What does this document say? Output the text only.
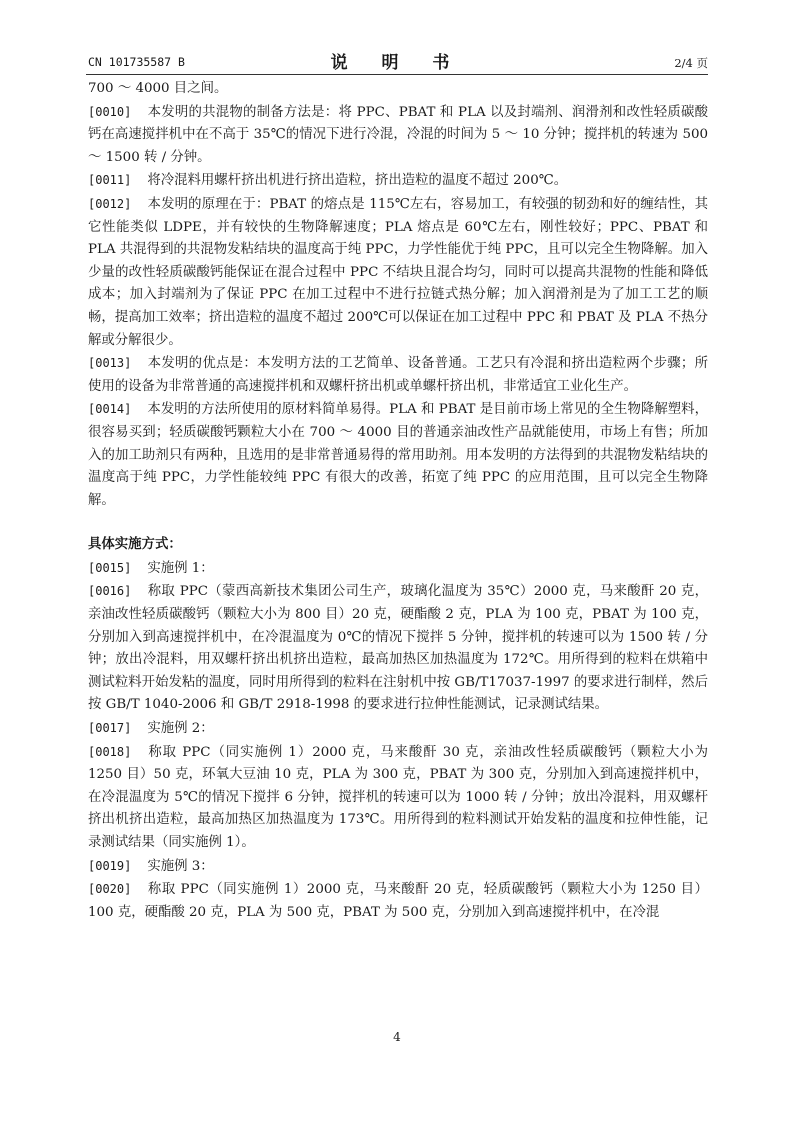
CN 101735587 B	说 明 书	2/4 页

700 ～ 4000 目之间。

[0010] 本发明的共混物的制备方法是：将 PPC、PBAT 和 PLA 以及封端剂、润滑剂和改性轻质碳酸钙在高速搅拌机中在不高于 35℃的情况下进行冷混，冷混的时间为 5 ～ 10 分钟；搅拌机的转速为 500 ～ 1500 转 / 分钟。

[0011] 将冷混料用螺杆挤出机进行挤出造粒，挤出造粒的温度不超过 200℃。

[0012] 本发明的原理在于：PBAT 的熔点是 115℃左右，容易加工，有较强的韧劲和好的缠结性，其它性能类似 LDPE，并有较快的生物降解速度；PLA 熔点是 60℃左右，刚性较好；PPC、PBAT 和 PLA 共混得到的共混物发粘结块的温度高于纯 PPC，力学性能优于纯 PPC，且可以完全生物降解。加入少量的改性轻质碳酸钙能保证在混合过程中 PPC 不结块且混合均匀，同时可以提高共混物的性能和降低成本；加入封端剂为了保证 PPC 在加工过程中不进行拉链式热分解；加入润滑剂是为了加工工艺的顺畅，提高加工效率；挤出造粒的温度不超过 200℃可以保证在加工过程中 PPC 和 PBAT 及 PLA 不热分解或分解很少。

[0013] 本发明的优点是：本发明方法的工艺简单、设备普通。工艺只有冷混和挤出造粒两个步骤；所使用的设备为非常普通的高速搅拌机和双螺杆挤出机或单螺杆挤出机，非常适宜工业化生产。

[0014] 本发明的方法所使用的原材料简单易得。PLA 和 PBAT 是目前市场上常见的全生物降解塑料，很容易买到；轻质碳酸钙颗粒大小在 700 ～ 4000 目的普通亲油改性产品就能使用，市场上有售；所加入的加工助剂只有两种，且选用的是非常普通易得的常用助剂。用本发明的方法得到的共混物发粘结块的温度高于纯 PPC，力学性能较纯 PPC 有很大的改善，拓宽了纯 PPC 的应用范围，且可以完全生物降解。

具体实施方式：

[0015] 实施例 1：

[0016] 称取 PPC（蒙西高新技术集团公司生产，玻璃化温度为 35℃）2000 克，马来酸酐 20 克，亲油改性轻质碳酸钙（颗粒大小为 800 目）20 克，硬酯酸 2 克，PLA 为 100 克，PBAT 为 100 克，分别加入到高速搅拌机中，在冷混温度为 0℃的情况下搅拌 5 分钟，搅拌机的转速可以为 1500 转 / 分钟；放出冷混料，用双螺杆挤出机挤出造粒，最高加热区加热温度为 172℃。用所得到的粒料在烘箱中测试粒料开始发粘的温度，同时用所得到的粒料在注射机中按 GB/T17037-1997 的要求进行制样，然后按 GB/T 1040-2006 和 GB/T 2918-1998 的要求进行拉伸性能测试，记录测试结果。

[0017] 实施例 2：

[0018] 称取 PPC（同实施例 1）2000 克，马来酸酐 30 克，亲油改性轻质碳酸钙（颗粒大小为 1250 目）50 克，环氧大豆油 10 克，PLA 为 300 克，PBAT 为 300 克，分别加入到高速搅拌机中，在冷混温度为 5℃的情况下搅拌 6 分钟，搅拌机的转速可以为 1000 转 / 分钟；放出冷混料，用双螺杆挤出机挤出造粒，最高加热区加热温度为 173℃。用所得到的粒料测试开始发粘的温度和拉伸性能，记录测试结果（同实施例 1）。

[0019] 实施例 3：

[0020] 称取 PPC（同实施例 1）2000 克，马来酸酐 20 克，轻质碳酸钙（颗粒大小为 1250 目）100 克，硬酯酸 20 克，PLA 为 500 克，PBAT 为 500 克，分别加入到高速搅拌机中，在冷混

4
